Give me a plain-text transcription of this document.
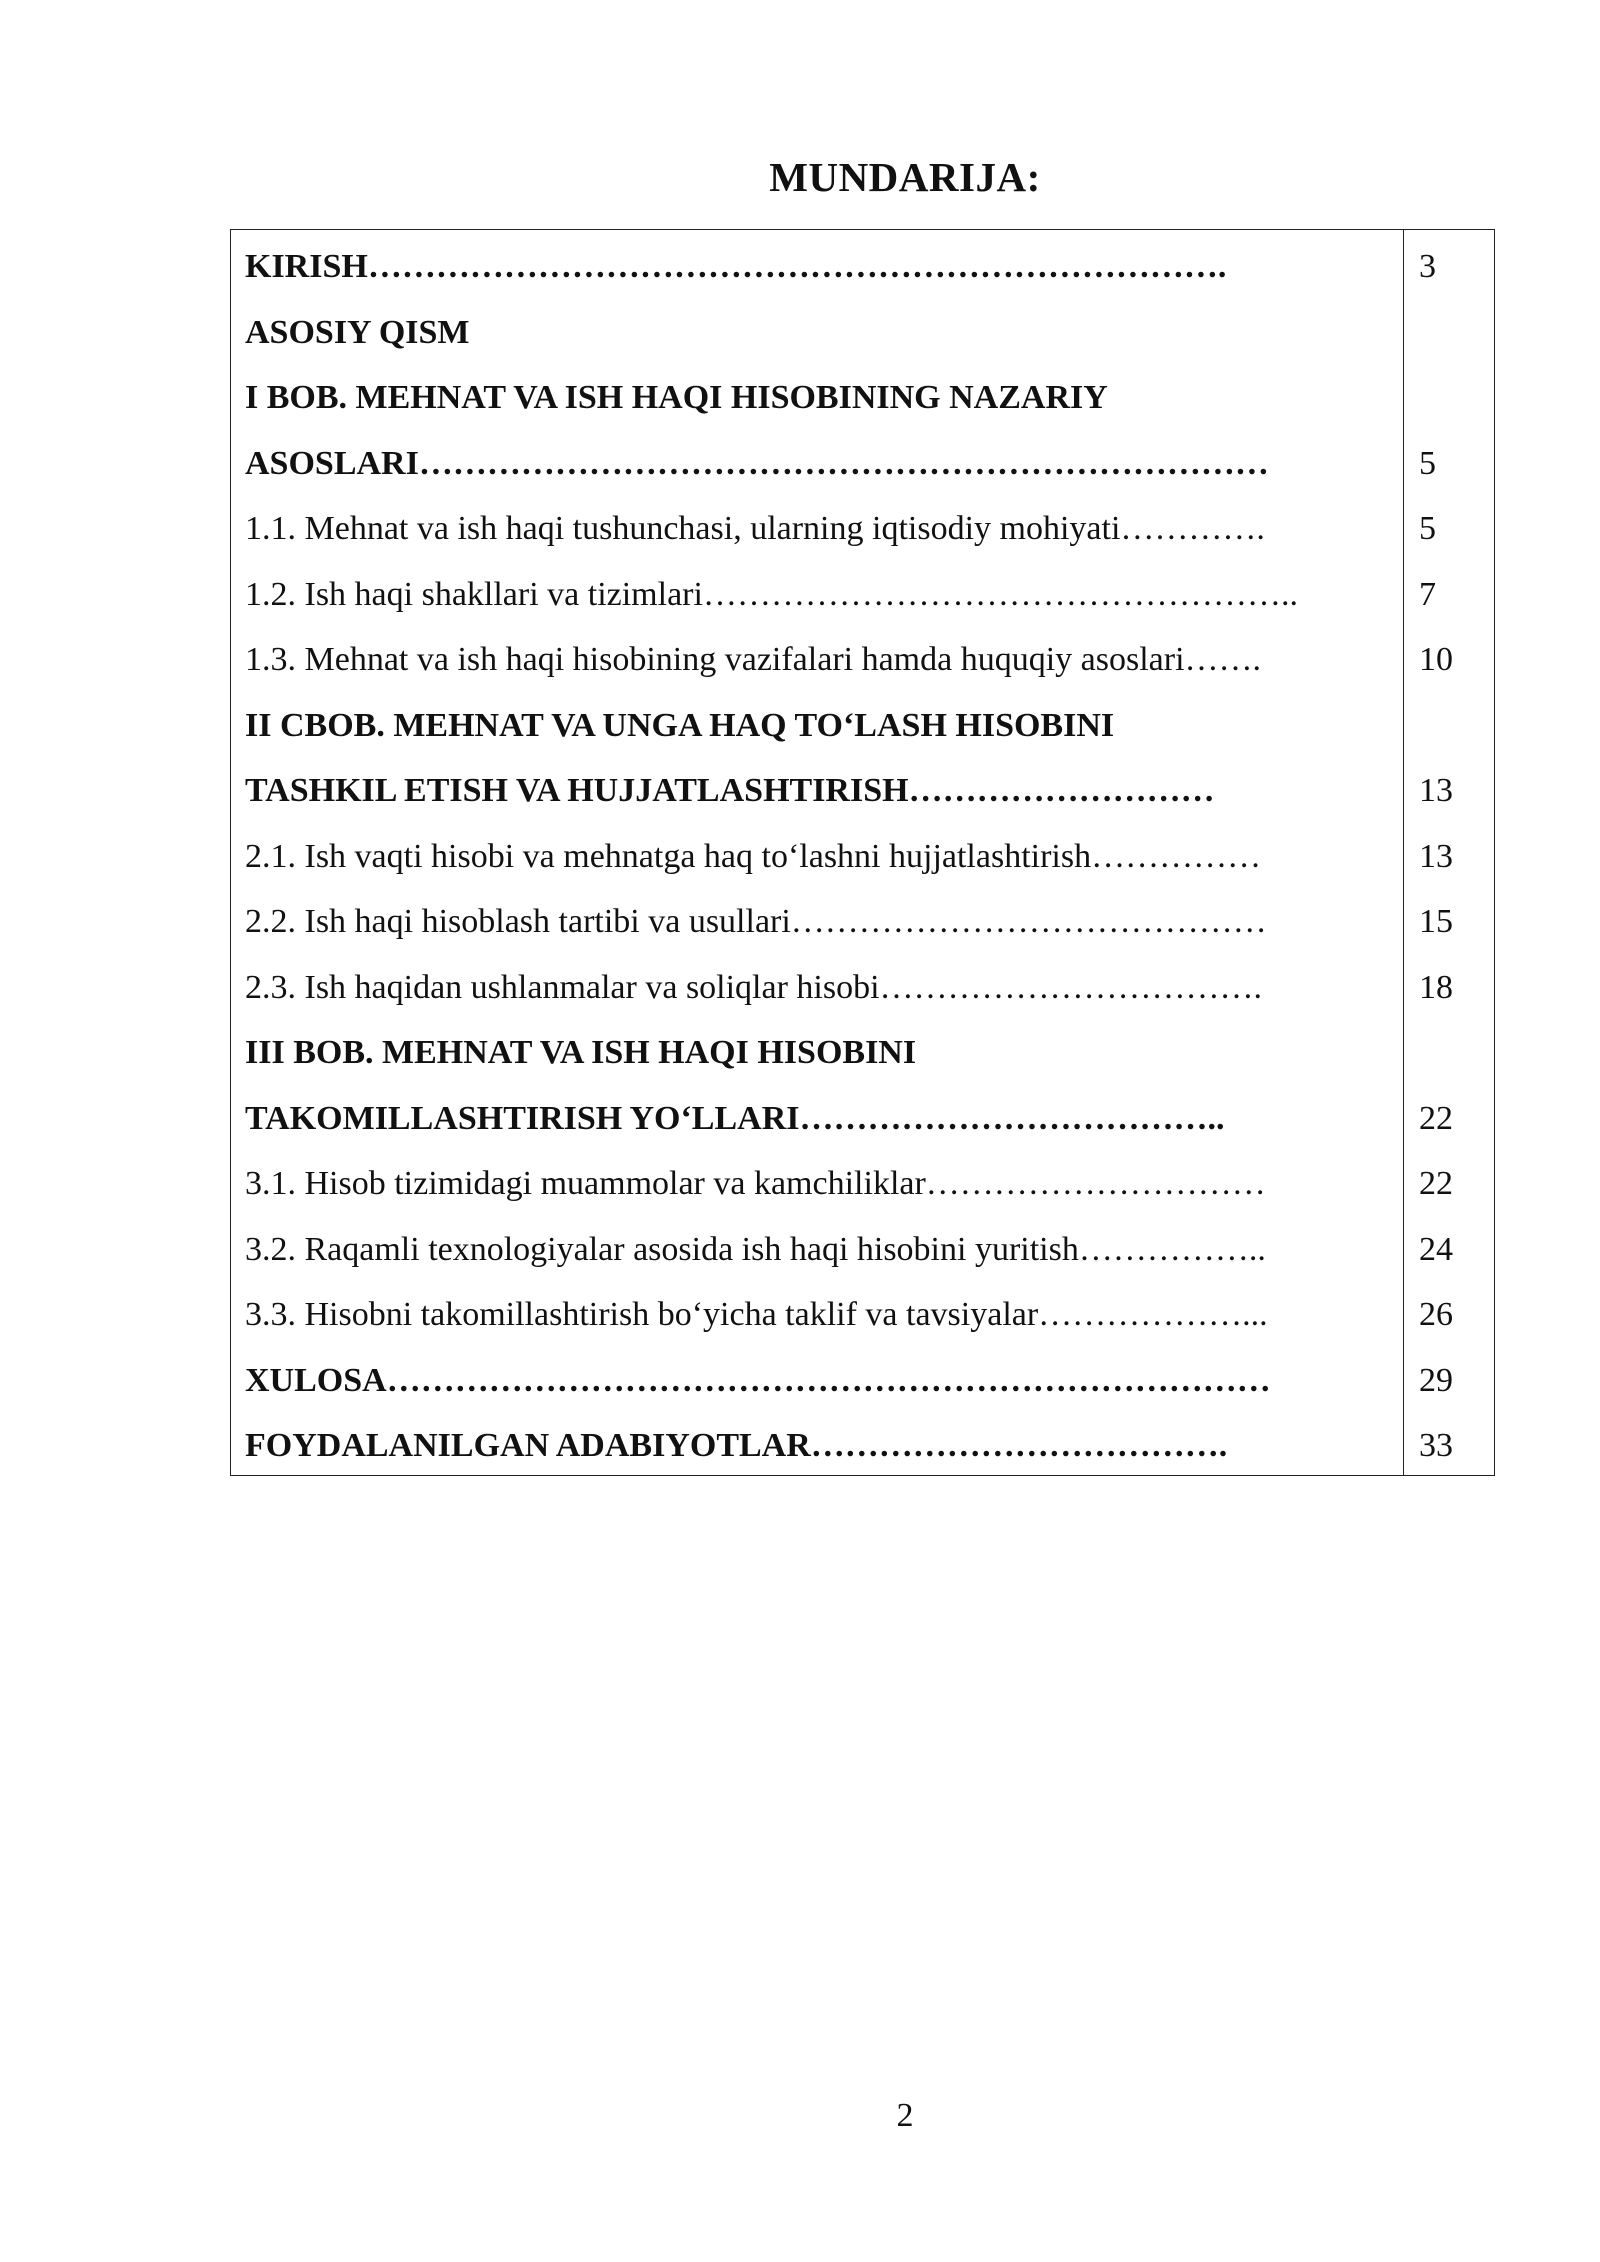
MUNDARIJA:
KIRISH………………………………………………………………….	3
ASOSIY QISM
I BOB. MEHNAT VA ISH HAQI HISOBINING NAZARIY
ASOSLARI…………………………………………………………………	5
1.1. Mehnat va ish haqi tushunchasi, ularning iqtisodiy mohiyati………….	5
1.2. Ish haqi shakllari va tizimlari……………………………………………..	7
1.3. Mehnat va ish haqi hisobining vazifalari hamda huquqiy asoslari…….	10
II CBOB. MEHNAT VA UNGA HAQ TO‘LASH HISOBINI
TASHKIL ETISH VA HUJJATLASHTIRISH………………………	13
2.1. Ish vaqti hisobi va mehnatga haq to‘lashni hujjatlashtirish……………	13
2.2. Ish haqi hisoblash tartibi va usullari……………………………………	15
2.3. Ish haqidan ushlanmalar va soliqlar hisobi…………………………….	18
III BOB. MEHNAT VA ISH HAQI HISOBINI
TAKOMILLASHTIRISH YO‘LLARI………………………………..	22
3.1. Hisob tizimidagi muammolar va kamchiliklar…………………………	22
3.2. Raqamli texnologiyalar asosida ish haqi hisobini yuritish……………..	24
3.3. Hisobni takomillashtirish bo‘yicha taklif va tavsiyalar………………...	26
XULOSA……………………………………………………………………	29
FOYDALANILGAN ADABIYOTLAR……………………………….	33
2
